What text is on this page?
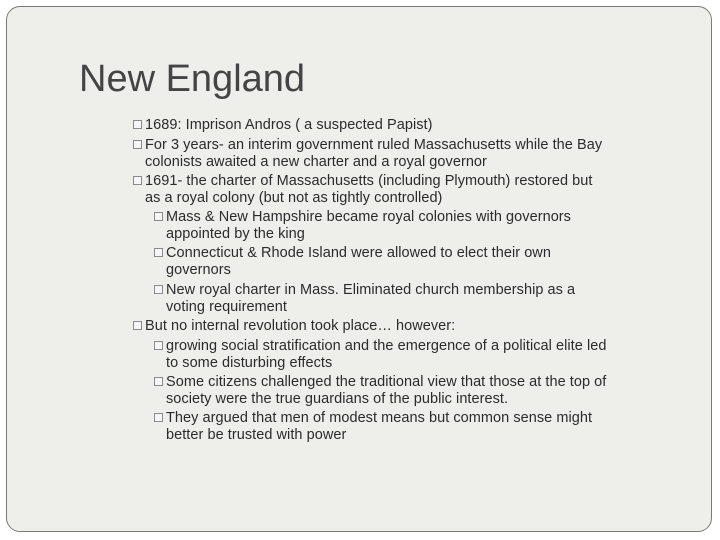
New England
1689: Imprison Andros ( a suspected Papist)
For 3 years- an interim government ruled Massachusetts while the Bay
colonists awaited a new charter and a royal governor
1691- the charter of Massachusetts (including Plymouth) restored but
as a royal colony (but not as tightly controlled)
Mass & New Hampshire became royal colonies with governors
appointed by the king
Connecticut & Rhode Island were allowed to elect their own
governors
New royal charter in Mass. Eliminated church membership as a
voting requirement
But no internal revolution took place… however:
growing social stratification and the emergence of a political elite led
to some disturbing effects
Some citizens challenged the traditional view that those at the top of
society were the true guardians of the public interest.
They argued that men of modest means but common sense might
better be trusted with power
